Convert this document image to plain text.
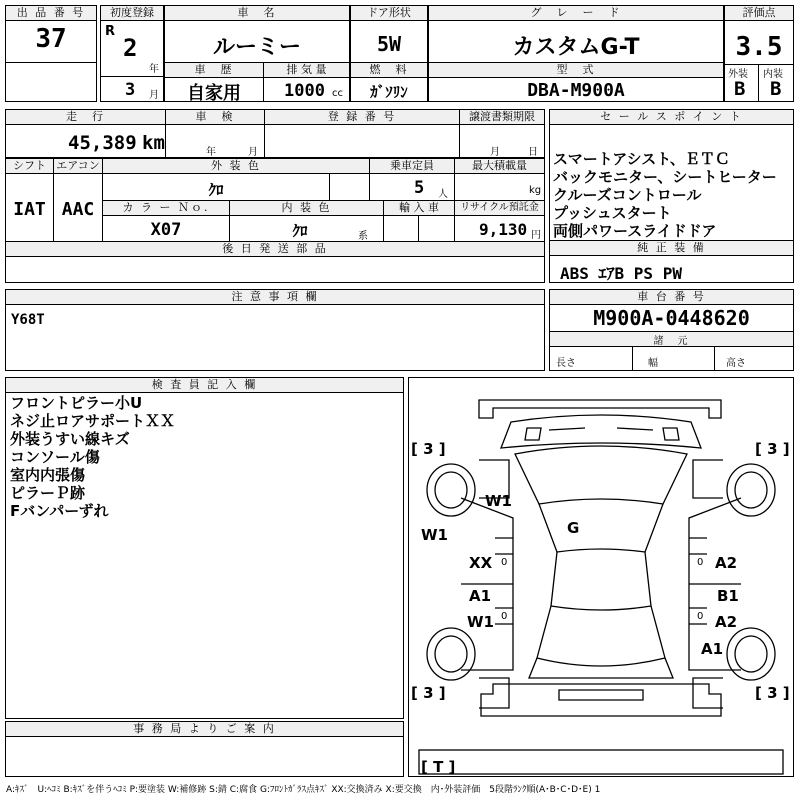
出 品 番 号
37
初度登録
R
2
年
3 月
車　名
ルーミー
ドア形状
5W
グ　レ　ー　ド
カスタムG-T
評価点
3.5
外装 内装
B B
車　歴
自家用
排 気 量
1000 cc
燃　料
ｶﾞｿﾘﾝ
型　式
DBA-M900A
走　行
45,389 km
車　検
年	月
登 録 番 号	譲渡書類期限
月	日
シフト
IAT
エアコン
AAC
外 装 色
ｸﾛ
乗車定員
5 人
最大積載量
kg
カ ラ ー Ｎｏ.
X07
内 装 色
ｸﾛ	系
輸 入 車	リサイクル預託金
9,130 円
後 日 発 送 部 品
セ ー ル ス ポ イ ン ト
スマートアシスト、ＥＴＣ
バックモニター、シートヒーター
クルーズコントロール
プッシュスタート
両側パワースライドドア
純 正 装 備
ABS ｴｱB PS PW
注 意 事 項 欄
Y68T
車 台 番 号
M900A-0448620
諸　元
長さ	幅	高さ
検 査 員 記 入 欄
フロントピラー小U
ネジ止ロアサポートＸＸ
外装うすい線キズ
コンソール傷
室内内張傷
ピラーＰ跡
Fバンパーずれ
事 務 局 よ り ご 案 内
[ 3 ]	[ 3 ]
[ 3 ]	[ 3 ]
[ T ]
W1
G
W1
XX
A1
W1
A2
B1
A2
A1
0
0
0
0
A:ｷｽﾞ　U:ﾍｺﾐ B:ｷｽﾞを伴うﾍｺﾐ P:要塗装 W:補修跡 S:錆 C:腐食 G:ﾌﾛﾝﾄｶﾞﾗｽ点ｷｽﾞ XX:交換済み X:要交換　内･外装評価　5段階ﾗﾝｸ順(A･B･C･D･E) 1
